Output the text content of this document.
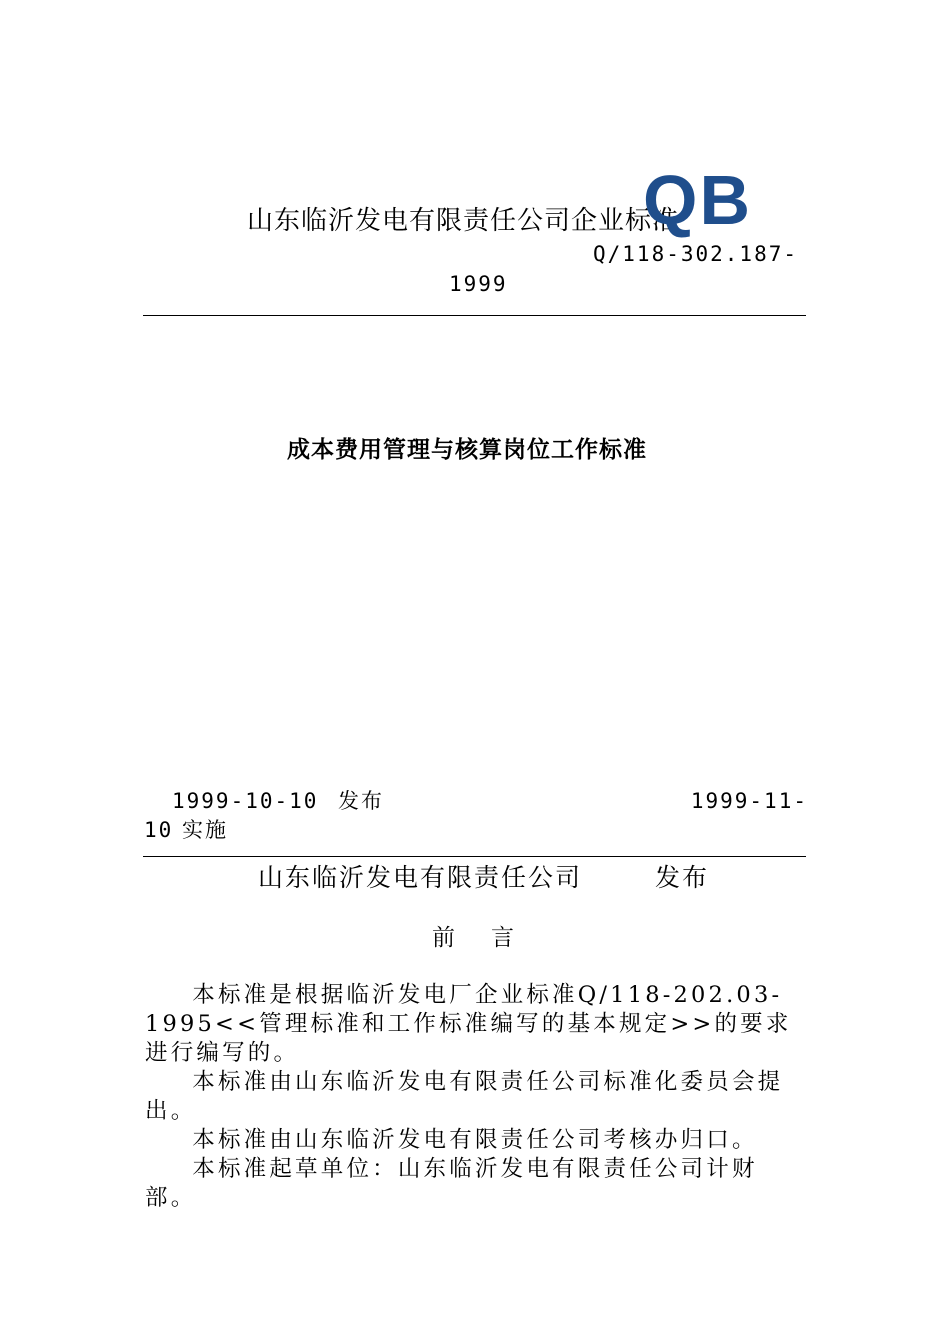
山东临沂发电有限责任公司企业标准
QB
Q/118-302.187-
1999
成本费用管理与核算岗位工作标准
1999-10-10 发布	1999-11-
10 实施
山东临沂发电有限责任公司	发布
前 言

本标准是根据临沂发电厂企业标准Q/118-202.03-1995<<管理标准和工作标准编写的基本规定>>的要求进行编写的。

本标准由山东临沂发电有限责任公司标准化委员会提出。

本标准由山东临沂发电有限责任公司考核办归口。

本标准起草单位：山东临沂发电有限责任公司计财部。
